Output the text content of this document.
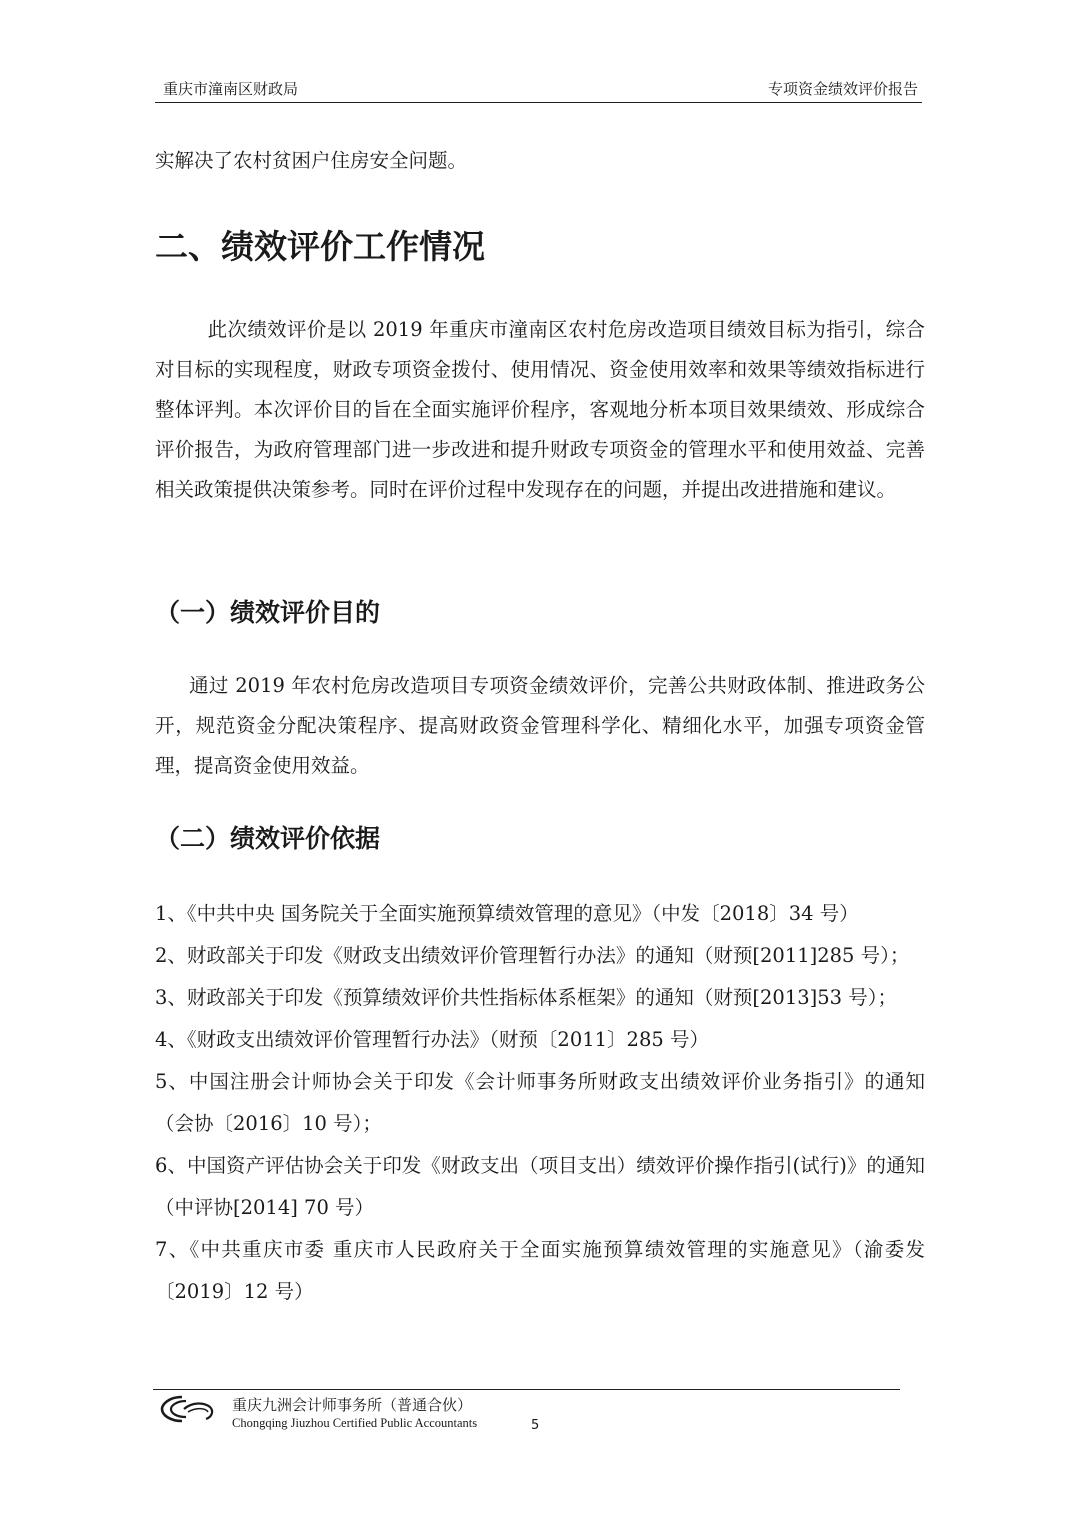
重庆市潼南区财政局	专项资金绩效评价报告

实解决了农村贫困户住房安全问题。

二、绩效评价工作情况

此次绩效评价是以 2019 年重庆市潼南区农村危房改造项目绩效目标为指引，综合对目标的实现程度，财政专项资金拨付、使用情况、资金使用效率和效果等绩效指标进行整体评判。本次评价目的旨在全面实施评价程序，客观地分析本项目效果绩效、形成综合评价报告，为政府管理部门进一步改进和提升财政专项资金的管理水平和使用效益、完善相关政策提供决策参考。同时在评价过程中发现存在的问题，并提出改进措施和建议。

（一）绩效评价目的

通过 2019 年农村危房改造项目专项资金绩效评价，完善公共财政体制、推进政务公开，规范资金分配决策程序、提高财政资金管理科学化、精细化水平，加强专项资金管理，提高资金使用效益。

（二）绩效评价依据
1、《中共中央 国务院关于全面实施预算绩效管理的意见》（中发〔2018〕34 号）
2、财政部关于印发《财政支出绩效评价管理暂行办法》的通知（财预[2011]285 号）；
3、财政部关于印发《预算绩效评价共性指标体系框架》的通知（财预[2013]53 号）；
4、《财政支出绩效评价管理暂行办法》（财预〔2011〕285 号）
5、中国注册会计师协会关于印发《会计师事务所财政支出绩效评价业务指引》的通知（会协〔2016〕10 号）；
6、中国资产评估协会关于印发《财政支出（项目支出）绩效评价操作指引(试行)》的通知（中评协[2014] 70 号）
7、《中共重庆市委 重庆市人民政府关于全面实施预算绩效管理的实施意见》（渝委发〔2019〕12 号）
重庆九洲会计师事务所（普通合伙）
Chongqing Jiuzhou Certified Public Accountants	5
